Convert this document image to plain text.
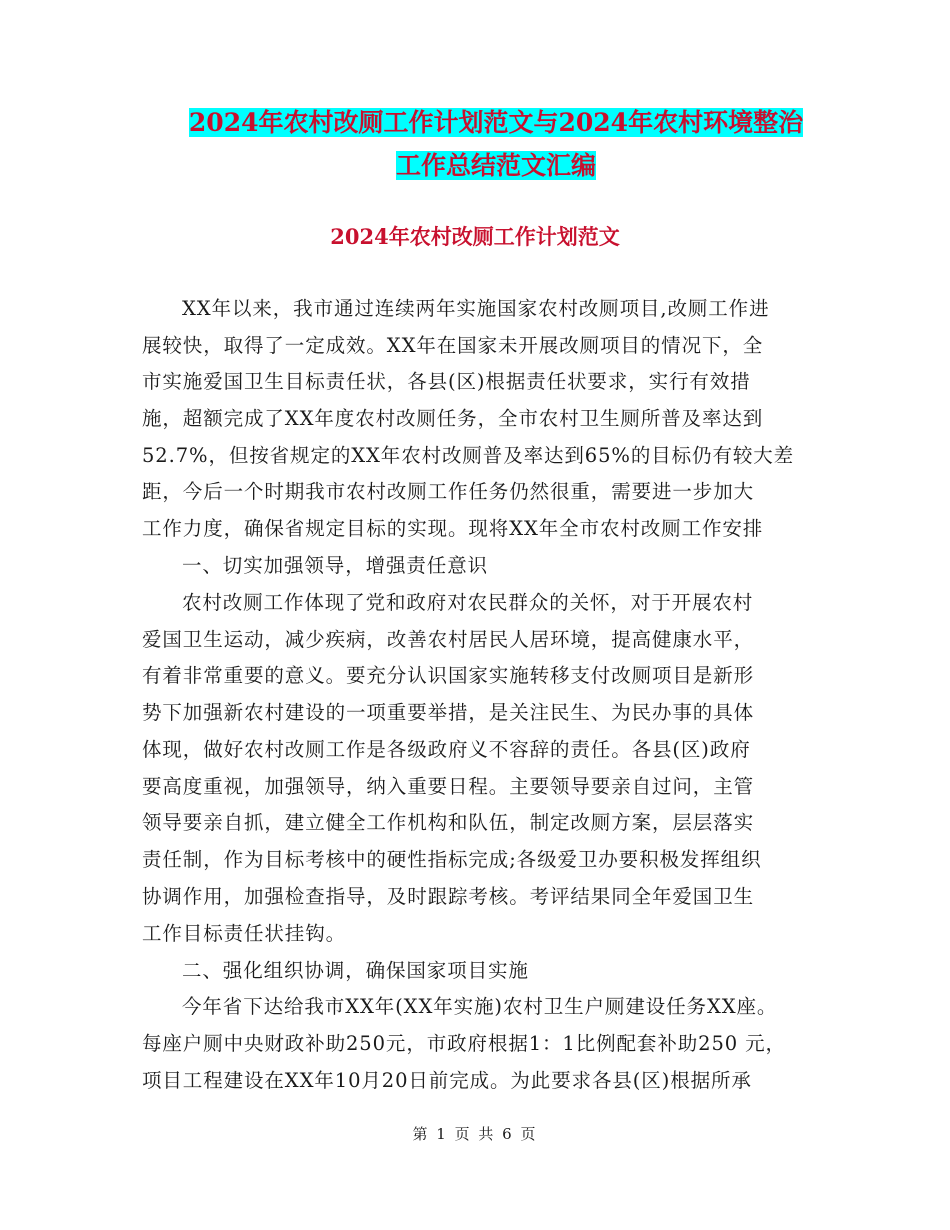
2024年农村改厕工作计划范文与2024年农村环境整治
工作总结范文汇编
2024年农村改厕工作计划范文
XX年以来，我市通过连续两年实施国家农村改厕项目,改厕工作进
展较快，取得了一定成效。XX年在国家未开展改厕项目的情况下，全
市实施爱国卫生目标责任状，各县(区)根据责任状要求，实行有效措
施，超额完成了XX年度农村改厕任务，全市农村卫生厕所普及率达到
52.7%，但按省规定的XX年农村改厕普及率达到65%的目标仍有较大差
距，今后一个时期我市农村改厕工作任务仍然很重，需要进一步加大
工作力度，确保省规定目标的实现。现将XX年全市农村改厕工作安排
一、切实加强领导，增强责任意识
农村改厕工作体现了党和政府对农民群众的关怀，对于开展农村
爱国卫生运动，减少疾病，改善农村居民人居环境，提高健康水平，
有着非常重要的意义。要充分认识国家实施转移支付改厕项目是新形
势下加强新农村建设的一项重要举措，是关注民生、为民办事的具体
体现，做好农村改厕工作是各级政府义不容辞的责任。各县(区)政府
要高度重视，加强领导，纳入重要日程。主要领导要亲自过问，主管
领导要亲自抓，建立健全工作机构和队伍，制定改厕方案，层层落实
责任制，作为目标考核中的硬性指标完成;各级爱卫办要积极发挥组织
协调作用，加强检查指导，及时跟踪考核。考评结果同全年爱国卫生
工作目标责任状挂钩。
二、强化组织协调，确保国家项目实施
今年省下达给我市XX年(XX年实施)农村卫生户厕建设任务XX座。
每座户厕中央财政补助250元，市政府根据1：1比例配套补助250 元，
项目工程建设在XX年10月20日前完成。为此要求各县(区)根据所承
第 1 页 共 6 页
